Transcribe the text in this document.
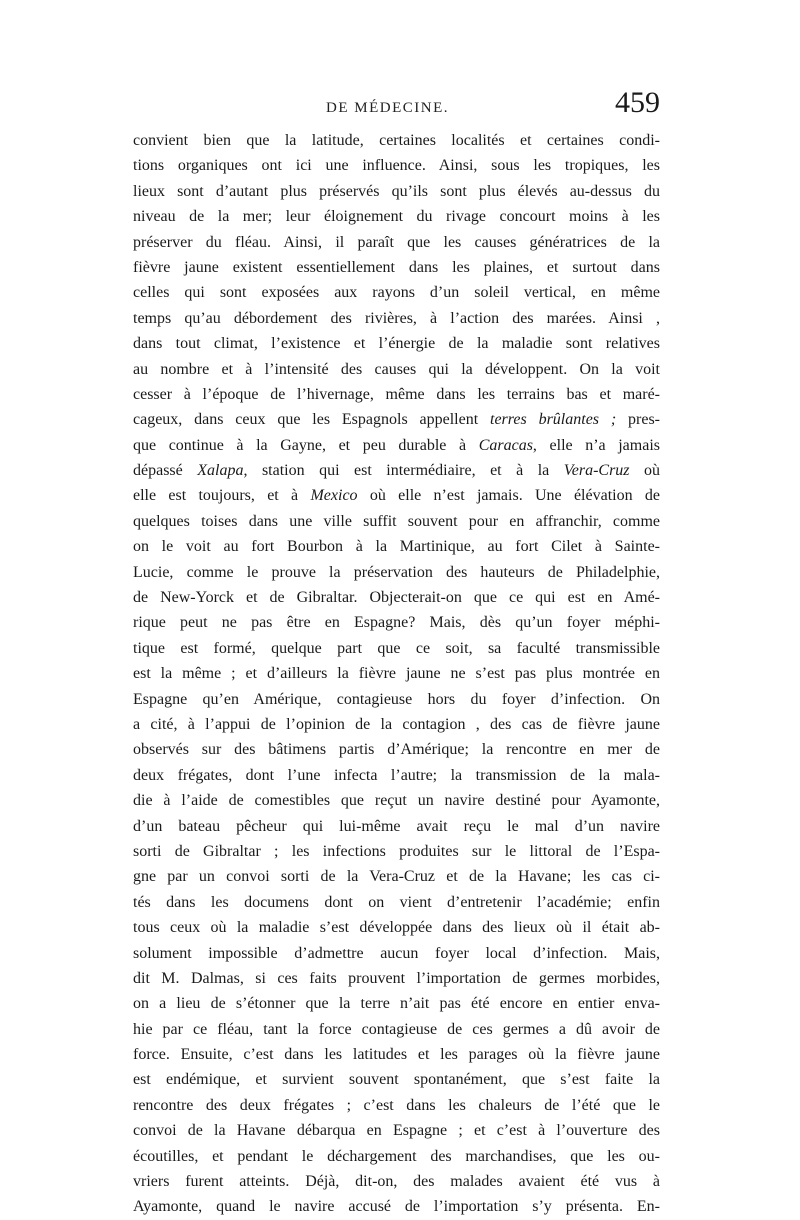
DE MÉDECINE.	459
convient bien que la latitude, certaines localités et certaines condi-
tions organiques ont ici une influence. Ainsi, sous les tropiques, les
lieux sont d’autant plus préservés qu’ils sont plus élevés au-dessus du
niveau de la mer; leur éloignement du rivage concourt moins à les
préserver du fléau. Ainsi, il paraît que les causes génératrices de la
fièvre jaune existent essentiellement dans les plaines, et surtout dans
celles qui sont exposées aux rayons d’un soleil vertical, en même
temps qu’au débordement des rivières, à l’action des marées. Ainsi ,
dans tout climat, l’existence et l’énergie de la maladie sont relatives
au nombre et à l’intensité des causes qui la développent. On la voit
cesser à l’époque de l’hivernage, même dans les terrains bas et maré-
cageux, dans ceux que les Espagnols appellent terres brûlantes ; pres-
que continue à la Gayne, et peu durable à Caracas, elle n’a jamais
dépassé Xalapa, station qui est intermédiaire, et à la Vera-Cruz où
elle est toujours, et à Mexico où elle n’est jamais. Une élévation de
quelques toises dans une ville suffit souvent pour en affranchir, comme
on le voit au fort Bourbon à la Martinique, au fort Cilet à Sainte-
Lucie, comme le prouve la préservation des hauteurs de Philadelphie,
de New-Yorck et de Gibraltar. Objecterait-on que ce qui est en Amé-
rique peut ne pas être en Espagne? Mais, dès qu’un foyer méphi-
tique est formé, quelque part que ce soit, sa faculté transmissible
est la même ; et d’ailleurs la fièvre jaune ne s’est pas plus montrée en
Espagne qu’en Amérique, contagieuse hors du foyer d’infection. On
a cité, à l’appui de l’opinion de la contagion , des cas de fièvre jaune
observés sur des bâtimens partis d’Amérique; la rencontre en mer de
deux frégates, dont l’une infecta l’autre; la transmission de la mala-
die à l’aide de comestibles que reçut un navire destiné pour Ayamonte,
d’un bateau pêcheur qui lui-même avait reçu le mal d’un navire
sorti de Gibraltar ; les infections produites sur le littoral de l’Espa-
gne par un convoi sorti de la Vera-Cruz et de la Havane; les cas ci-
tés dans les documens dont on vient d’entretenir l’académie; enfin
tous ceux où la maladie s’est développée dans des lieux où il était ab-
solument impossible d’admettre aucun foyer local d’infection. Mais,
dit M. Dalmas, si ces faits prouvent l’importation de germes morbides,
on a lieu de s’étonner que la terre n’ait pas été encore en entier enva-
hie par ce fléau, tant la force contagieuse de ces germes a dû avoir de
force. Ensuite, c’est dans les latitudes et les parages où la fièvre jaune
est endémique, et survient souvent spontanément, que s’est faite la
rencontre des deux frégates ; c’est dans les chaleurs de l’été que le
convoi de la Havane débarqua en Espagne ; et c’est à l’ouverture des
écoutilles, et pendant le déchargement des marchandises, que les ou-
vriers furent atteints. Déjà, dit-on, des malades avaient été vus à
Ayamonte, quand le navire accusé de l’importation s’y présenta. En-
